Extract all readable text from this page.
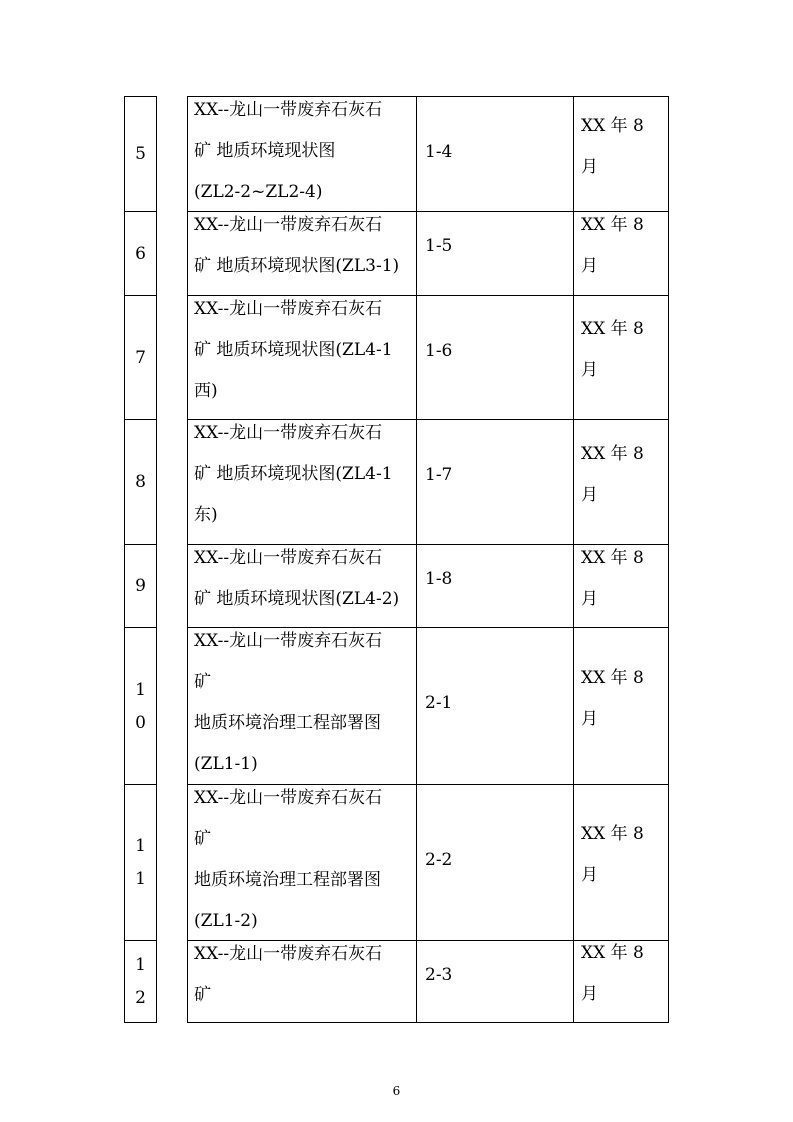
5
XX--龙山一带废弃石灰石
矿 地质环境现状图
(ZL2-2~ZL2-4)
1-4
XX 年 8
月
6
XX--龙山一带废弃石灰石
矿 地质环境现状图(ZL3-1)
1-5
XX 年 8
月
7
XX--龙山一带废弃石灰石
矿 地质环境现状图(ZL4-1
西)
1-6
XX 年 8
月
8
XX--龙山一带废弃石灰石
矿 地质环境现状图(ZL4-1
东)
1-7
XX 年 8
月
9
XX--龙山一带废弃石灰石
矿 地质环境现状图(ZL4-2)
1-8
XX 年 8
月
1
0
XX--龙山一带废弃石灰石
矿
地质环境治理工程部署图
(ZL1-1)
2-1
XX 年 8
月
1
1
XX--龙山一带废弃石灰石
矿
地质环境治理工程部署图
(ZL1-2)
2-2
XX 年 8
月
1
2
XX--龙山一带废弃石灰石
矿
2-3
XX 年 8
月
6
